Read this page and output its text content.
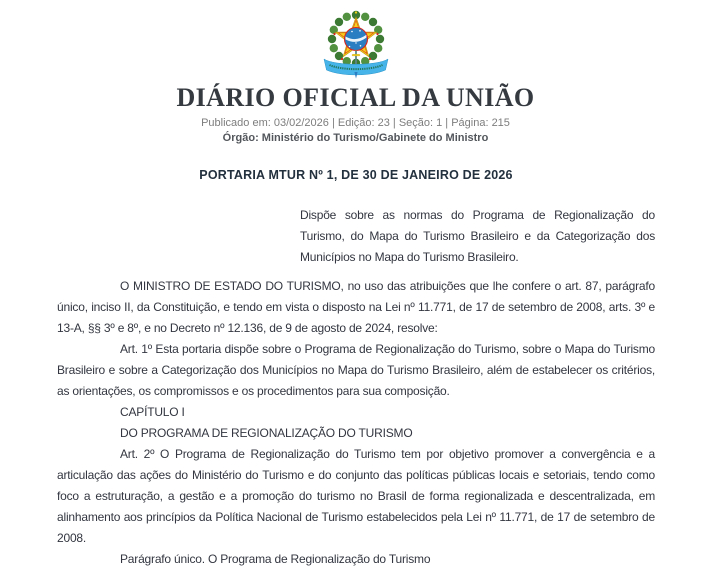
DIÁRIO OFICIAL DA UNIÃO
Publicado em: 03/02/2026 | Edição: 23 | Seção: 1 | Página: 215
Órgão: Ministério do Turismo/Gabinete do Ministro
PORTARIA MTUR Nº 1, DE 30 DE JANEIRO DE 2026

Dispõe sobre as normas do Programa de Regionalização do Turismo, do Mapa do Turismo Brasileiro e da Categorização dos Municípios no Mapa do Turismo Brasileiro.

O MINISTRO DE ESTADO DO TURISMO, no uso das atribuições que lhe confere o art. 87, parágrafo único, inciso II, da Constituição, e tendo em vista o disposto na Lei nº 11.771, de 17 de setembro de 2008, arts. 3º e 13-A, §§ 3º e 8º, e no Decreto nº 12.136, de 9 de agosto de 2024, resolve:

Art. 1º Esta portaria dispõe sobre o Programa de Regionalização do Turismo, sobre o Mapa do Turismo Brasileiro e sobre a Categorização dos Municípios no Mapa do Turismo Brasileiro, além de estabelecer os critérios, as orientações, os compromissos e os procedimentos para sua composição.

CAPÍTULO I

DO PROGRAMA DE REGIONALIZAÇÃO DO TURISMO

Art. 2º O Programa de Regionalização do Turismo tem por objetivo promover a convergência e a articulação das ações do Ministério do Turismo e do conjunto das políticas públicas locais e setoriais, tendo como foco a estruturação, a gestão e a promoção do turismo no Brasil de forma regionalizada e descentralizada, em alinhamento aos princípios da Política Nacional de Turismo estabelecidos pela Lei nº 11.771, de 17 de setembro de 2008.

Parágrafo único. O Programa de Regionalização do Turismo
